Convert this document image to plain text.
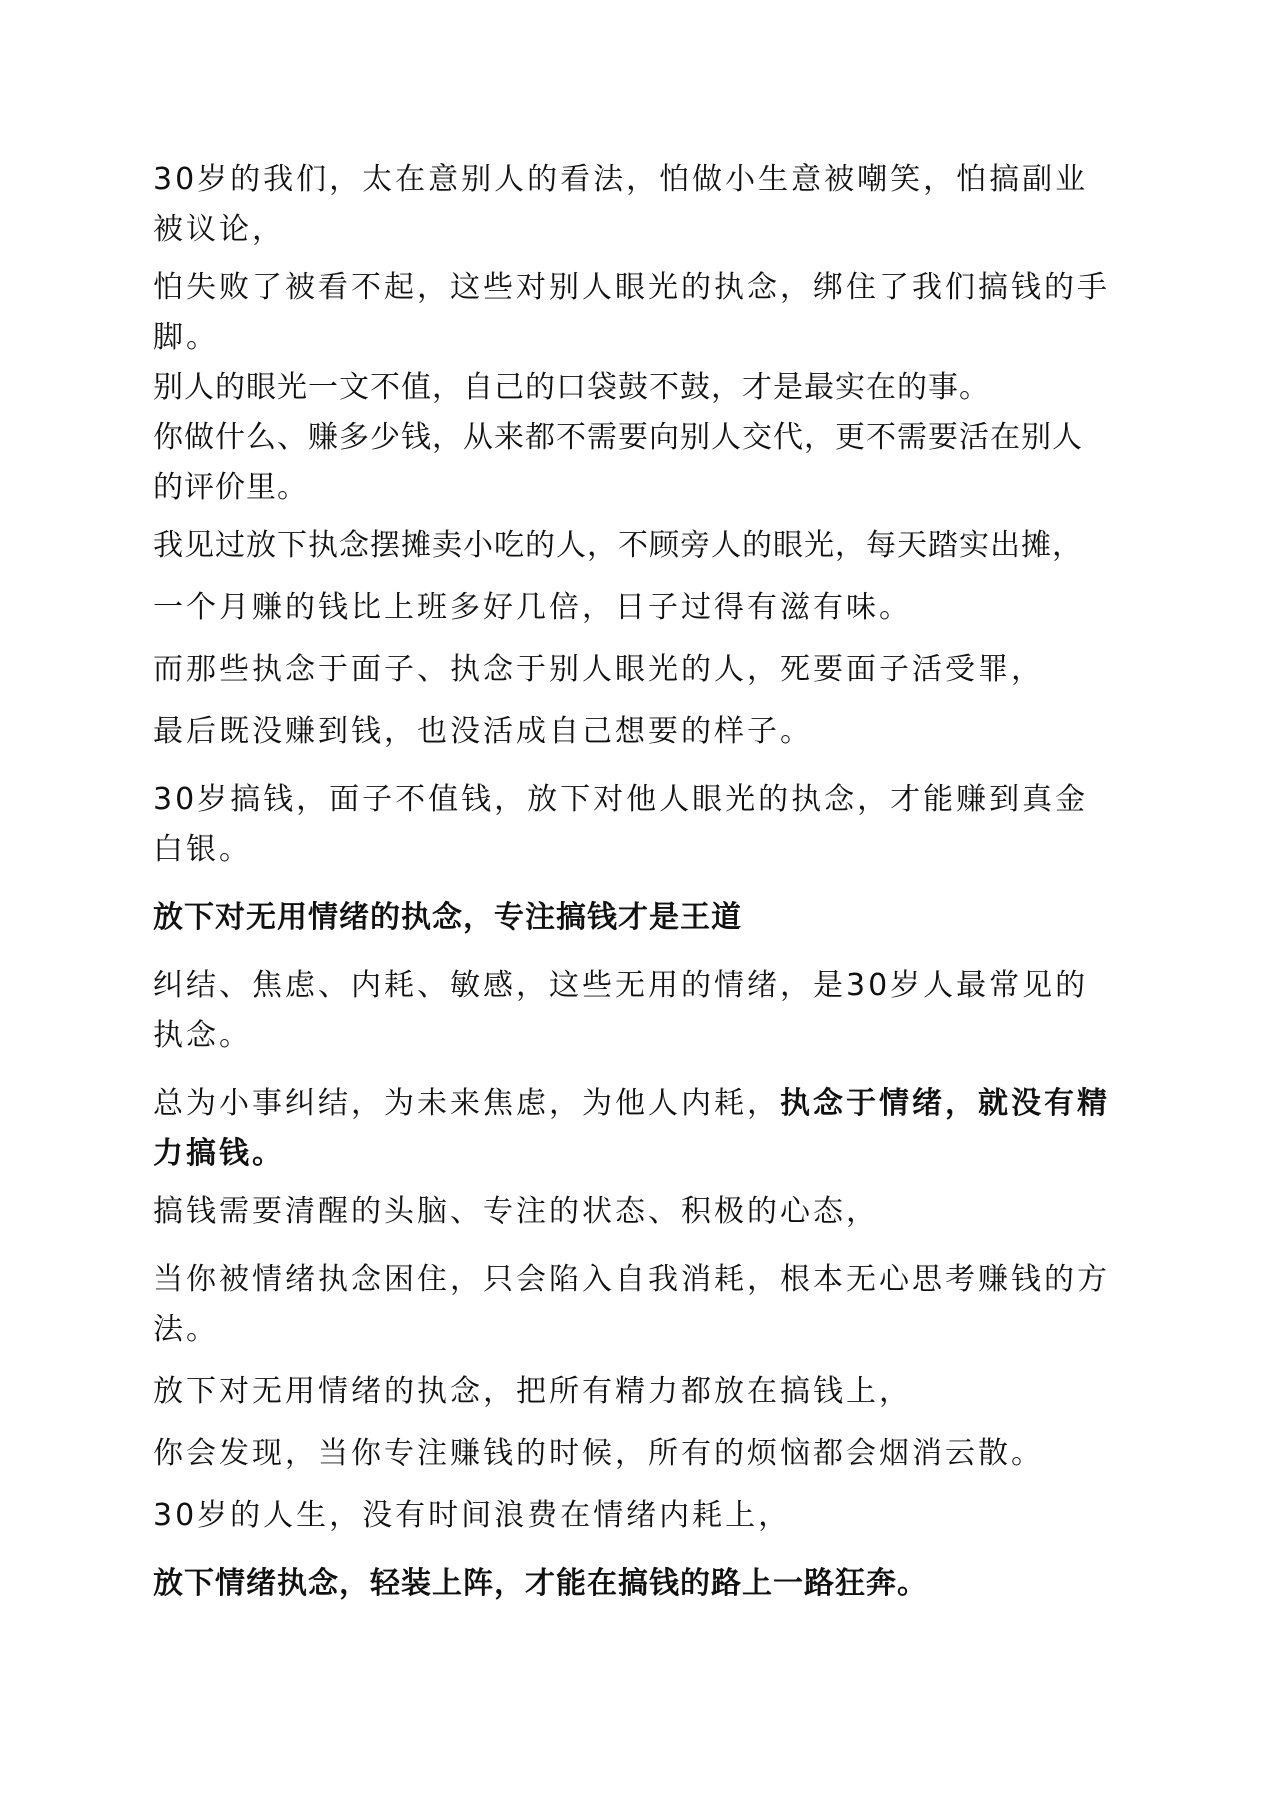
30岁的我们，太在意别人的看法，怕做小生意被嘲笑，怕搞副业被议论，

怕失败了被看不起，这些对别人眼光的执念，绑住了我们搞钱的手脚。

别人的眼光一文不值，自己的口袋鼓不鼓，才是最实在的事。

你做什么、赚多少钱，从来都不需要向别人交代，更不需要活在别人的评价里。

我见过放下执念摆摊卖小吃的人，不顾旁人的眼光，每天踏实出摊，

一个月赚的钱比上班多好几倍，日子过得有滋有味。

而那些执念于面子、执念于别人眼光的人，死要面子活受罪，

最后既没赚到钱，也没活成自己想要的样子。

30岁搞钱，面子不值钱，放下对他人眼光的执念，才能赚到真金白银。

放下对无用情绪的执念，专注搞钱才是王道

纠结、焦虑、内耗、敏感，这些无用的情绪，是30岁人最常见的执念。

总为小事纠结，为未来焦虑，为他人内耗，执念于情绪，就没有精力搞钱。

搞钱需要清醒的头脑、专注的状态、积极的心态，

当你被情绪执念困住，只会陷入自我消耗，根本无心思考赚钱的方法。

放下对无用情绪的执念，把所有精力都放在搞钱上，

你会发现，当你专注赚钱的时候，所有的烦恼都会烟消云散。

30岁的人生，没有时间浪费在情绪内耗上，

放下情绪执念，轻装上阵，才能在搞钱的路上一路狂奔。
